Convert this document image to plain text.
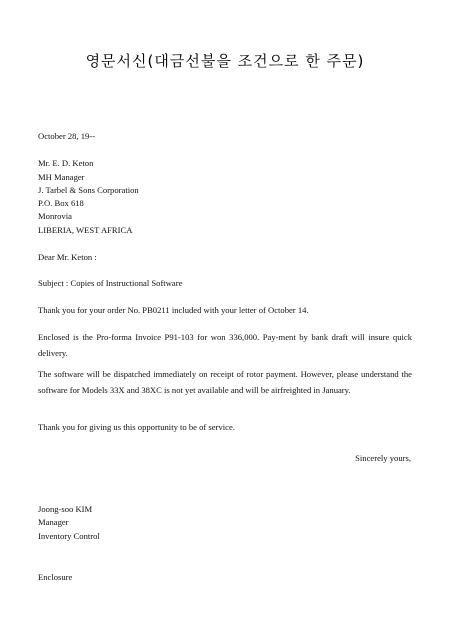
영문서신(대금선불을 조건으로 한 주문)
October 28, 19--
Mr. E. D. Keton
MH Manager
J. Tarbel & Sons Corporation
P.O. Box 618
Monrovia
LIBERIA, WEST AFRICA
Dear Mr. Keton :
Subject : Copies of Instructional Software
Thank you for your order No. PB0211 included with your letter of October 14.
Enclosed is the Pro-forma Invoice P91-103 for won 336,000. Pay-ment by bank draft will insure quick delivery.
The software will be dispatched immediately on receipt of rotor payment. However, please understand the software for Models 33X and 38XC is not yet available and will be airfreighted in January.
Thank you for giving us this opportunity to be of service.
Sincerely yours,
Joong-soo KIM
Manager
Inventory Control
Enclosure
